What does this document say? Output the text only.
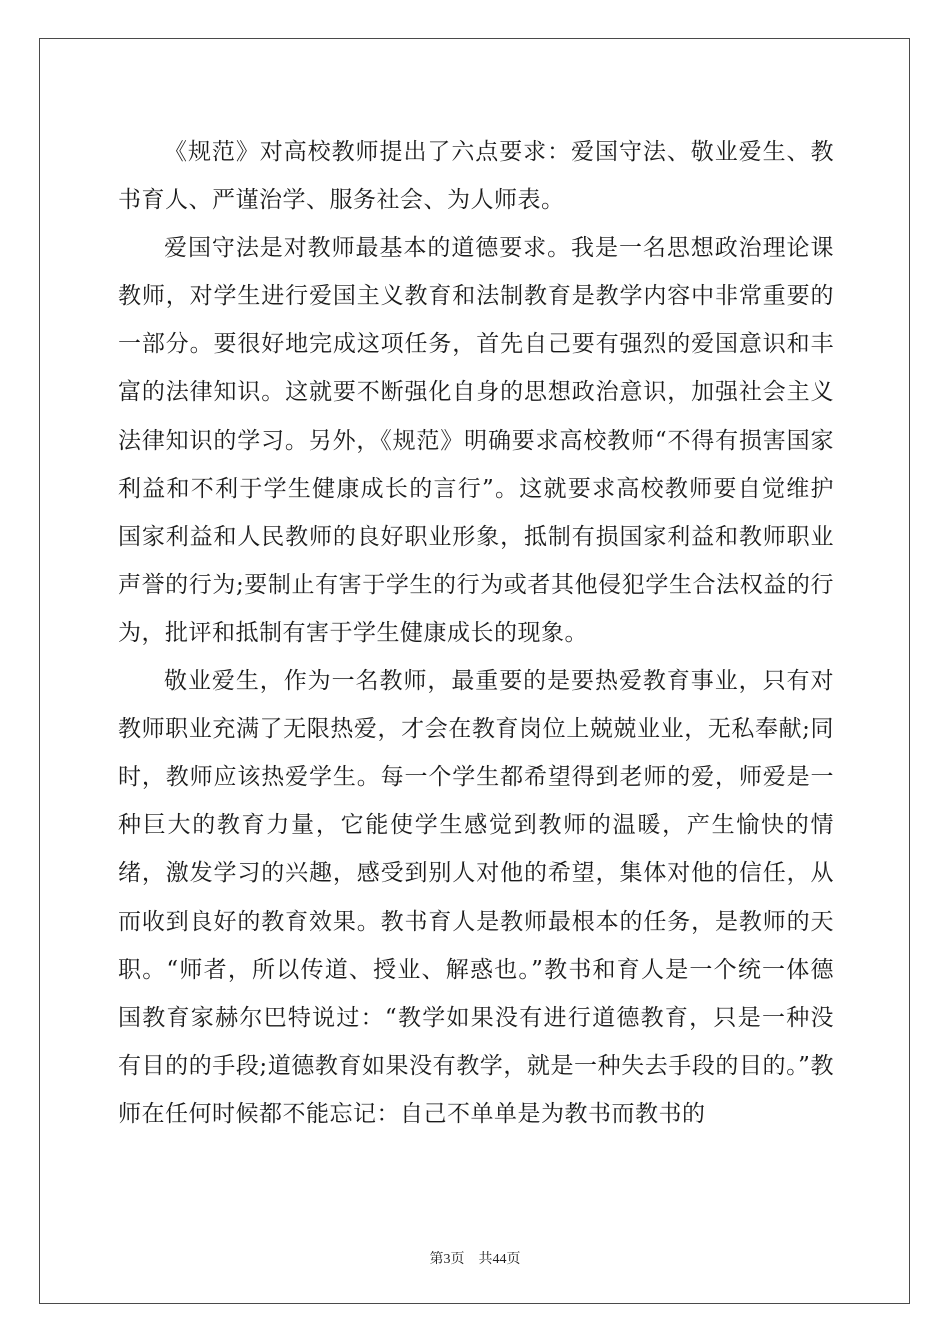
《规范》对高校教师提出了六点要求：爱国守法、敬业爱生、教书育人、严谨治学、服务社会、为人师表。

爱国守法是对教师最基本的道德要求。我是一名思想政治理论课教师，对学生进行爱国主义教育和法制教育是教学内容中非常重要的一部分。要很好地完成这项任务，首先自己要有强烈的爱国意识和丰富的法律知识。这就要不断强化自身的思想政治意识，加强社会主义法律知识的学习。另外，《规范》明确要求高校教师“不得有损害国家利益和不利于学生健康成长的言行”。这就要求高校教师要自觉维护国家利益和人民教师的良好职业形象，抵制有损国家利益和教师职业声誉的行为;要制止有害于学生的行为或者其他侵犯学生合法权益的行为，批评和抵制有害于学生健康成长的现象。

敬业爱生，作为一名教师，最重要的是要热爱教育事业，只有对教师职业充满了无限热爱，才会在教育岗位上兢兢业业，无私奉献;同时，教师应该热爱学生。每一个学生都希望得到老师的爱，师爱是一种巨大的教育力量，它能使学生感觉到教师的温暖，产生愉快的情绪，激发学习的兴趣，感受到别人对他的希望，集体对他的信任，从而收到良好的教育效果。教书育人是教师最根本的任务，是教师的天职。“师者，所以传道、授业、解惑也。”教书和育人是一个统一体德国教育家赫尔巴特说过：“教学如果没有进行道德教育，只是一种没有目的的手段;道德教育如果没有教学，就是一种失去手段的目的。”教师在任何时候都不能忘记：自己不单单是为教书而教书的

第3页 共44页
